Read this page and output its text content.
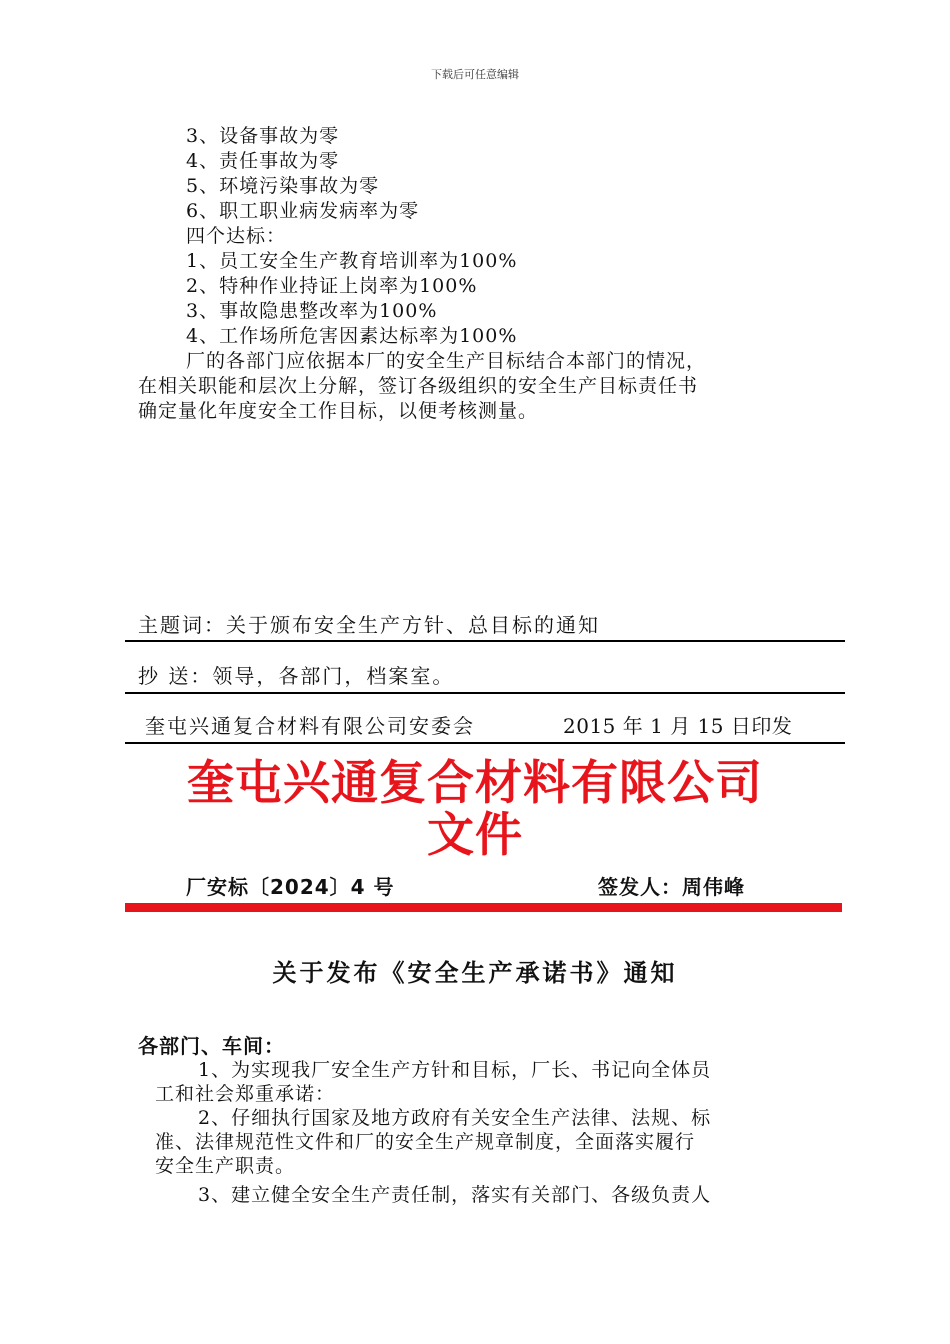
下载后可任意编辑
3、设备事故为零
4、责任事故为零
5、环境污染事故为零
6、职工职业病发病率为零
四个达标：
1、员工安全生产教育培训率为100%
2、特种作业持证上岗率为100%
3、事故隐患整改率为100%
4、工作场所危害因素达标率为100%
厂的各部门应依据本厂的安全生产目标结合本部门的情况，
在相关职能和层次上分解，签订各级组织的安全生产目标责任书
确定量化年度安全工作目标，以便考核测量。
主题词：关于颁布安全生产方针、总目标的通知
抄 送：领导，各部门，档案室。
奎屯兴通复合材料有限公司安委会	2015 年 1 月 15 日印发
奎屯兴通复合材料有限公司
文件
厂安标〔2024〕4 号	签发人：周伟峰
关于发布《安全生产承诺书》通知
各部门、车间：
1、为实现我厂安全生产方针和目标，厂长、书记向全体员
工和社会郑重承诺：
2、仔细执行国家及地方政府有关安全生产法律、法规、标
准、法律规范性文件和厂的安全生产规章制度，全面落实履行
安全生产职责。
3、建立健全安全生产责任制，落实有关部门、各级负责人
